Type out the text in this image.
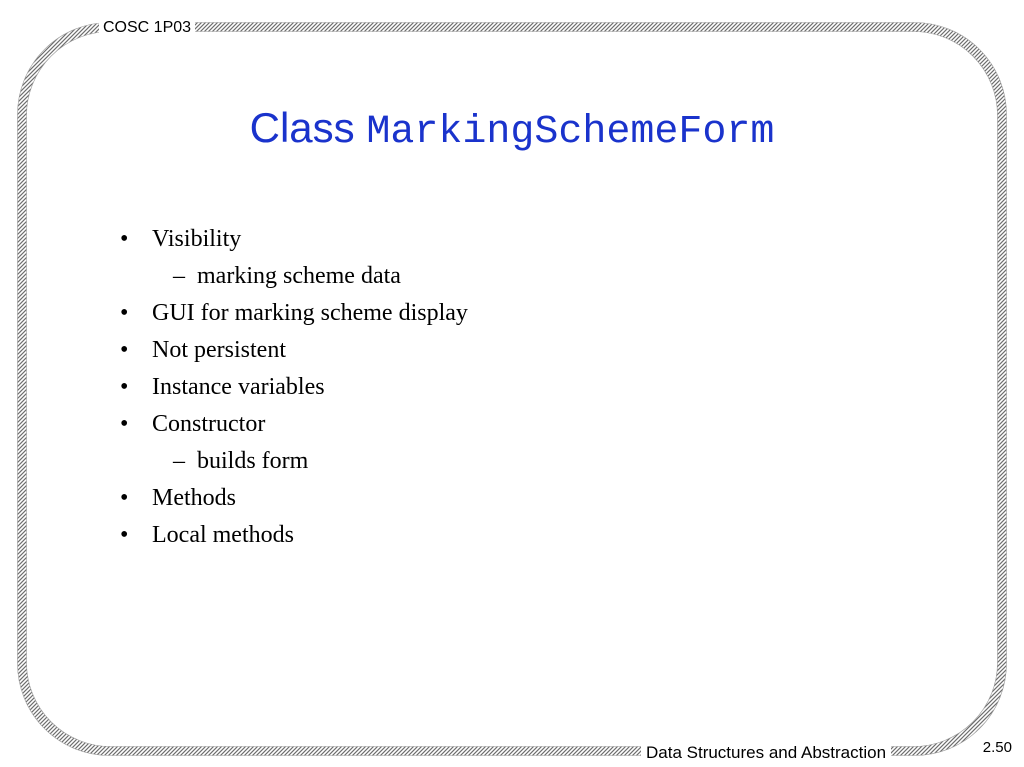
COSC 1P03
Class MarkingSchemeForm
• Visibility
– marking scheme data
• GUI for marking scheme display
• Not persistent
• Instance variables
• Constructor
– builds form
• Methods
• Local methods
Data Structures and Abstraction	2.50
